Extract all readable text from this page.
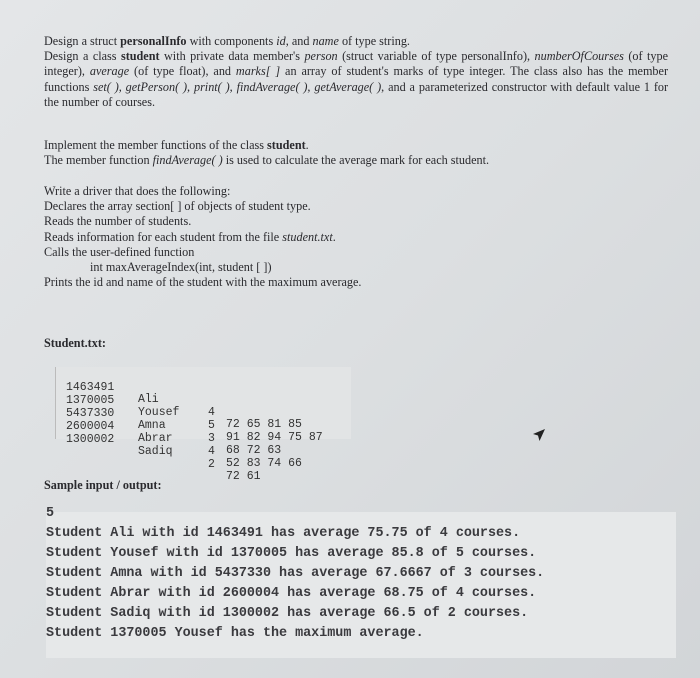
Design a struct personalInfo with components id, and name of type string.
Design a class student with private data member's person (struct variable of type personalInfo), numberOfCourses (of type integer), average (of type float), and marks[ ] an array of student's marks of type integer. The class also has the member functions set( ), getPerson( ), print( ), findAverage( ), getAverage( ), and a parameterized constructor with default value 1 for the number of courses.
Implement the member functions of the class student.
The member function findAverage( ) is used to calculate the average mark for each student.
Write a driver that does the following:
Declares the array section[ ] of objects of student type.
Reads the number of students.
Reads information for each student from the file student.txt.
Calls the user-defined function
int maxAverageIndex(int, student [ ])
Prints the id and name of the student with the maximum average.
Student.txt:

1463491

Ali

4

72 65 81 85

1370005

Yousef

5

91 82 94 75 87

5437330

Amna

3

68 72 63

2600004

Abrar

4

52 83 74 66

1300002

Sadiq

2

72 61

Sample input / output:
5
Student Ali with id 1463491 has average 75.75 of 4 courses.
Student Yousef with id 1370005 has average 85.8 of 5 courses.
Student Amna with id 5437330 has average 67.6667 of 3 courses.
Student Abrar with id 2600004 has average 68.75 of 4 courses.
Student Sadiq with id 1300002 has average 66.5 of 2 courses.
Student 1370005 Yousef has the maximum average.
